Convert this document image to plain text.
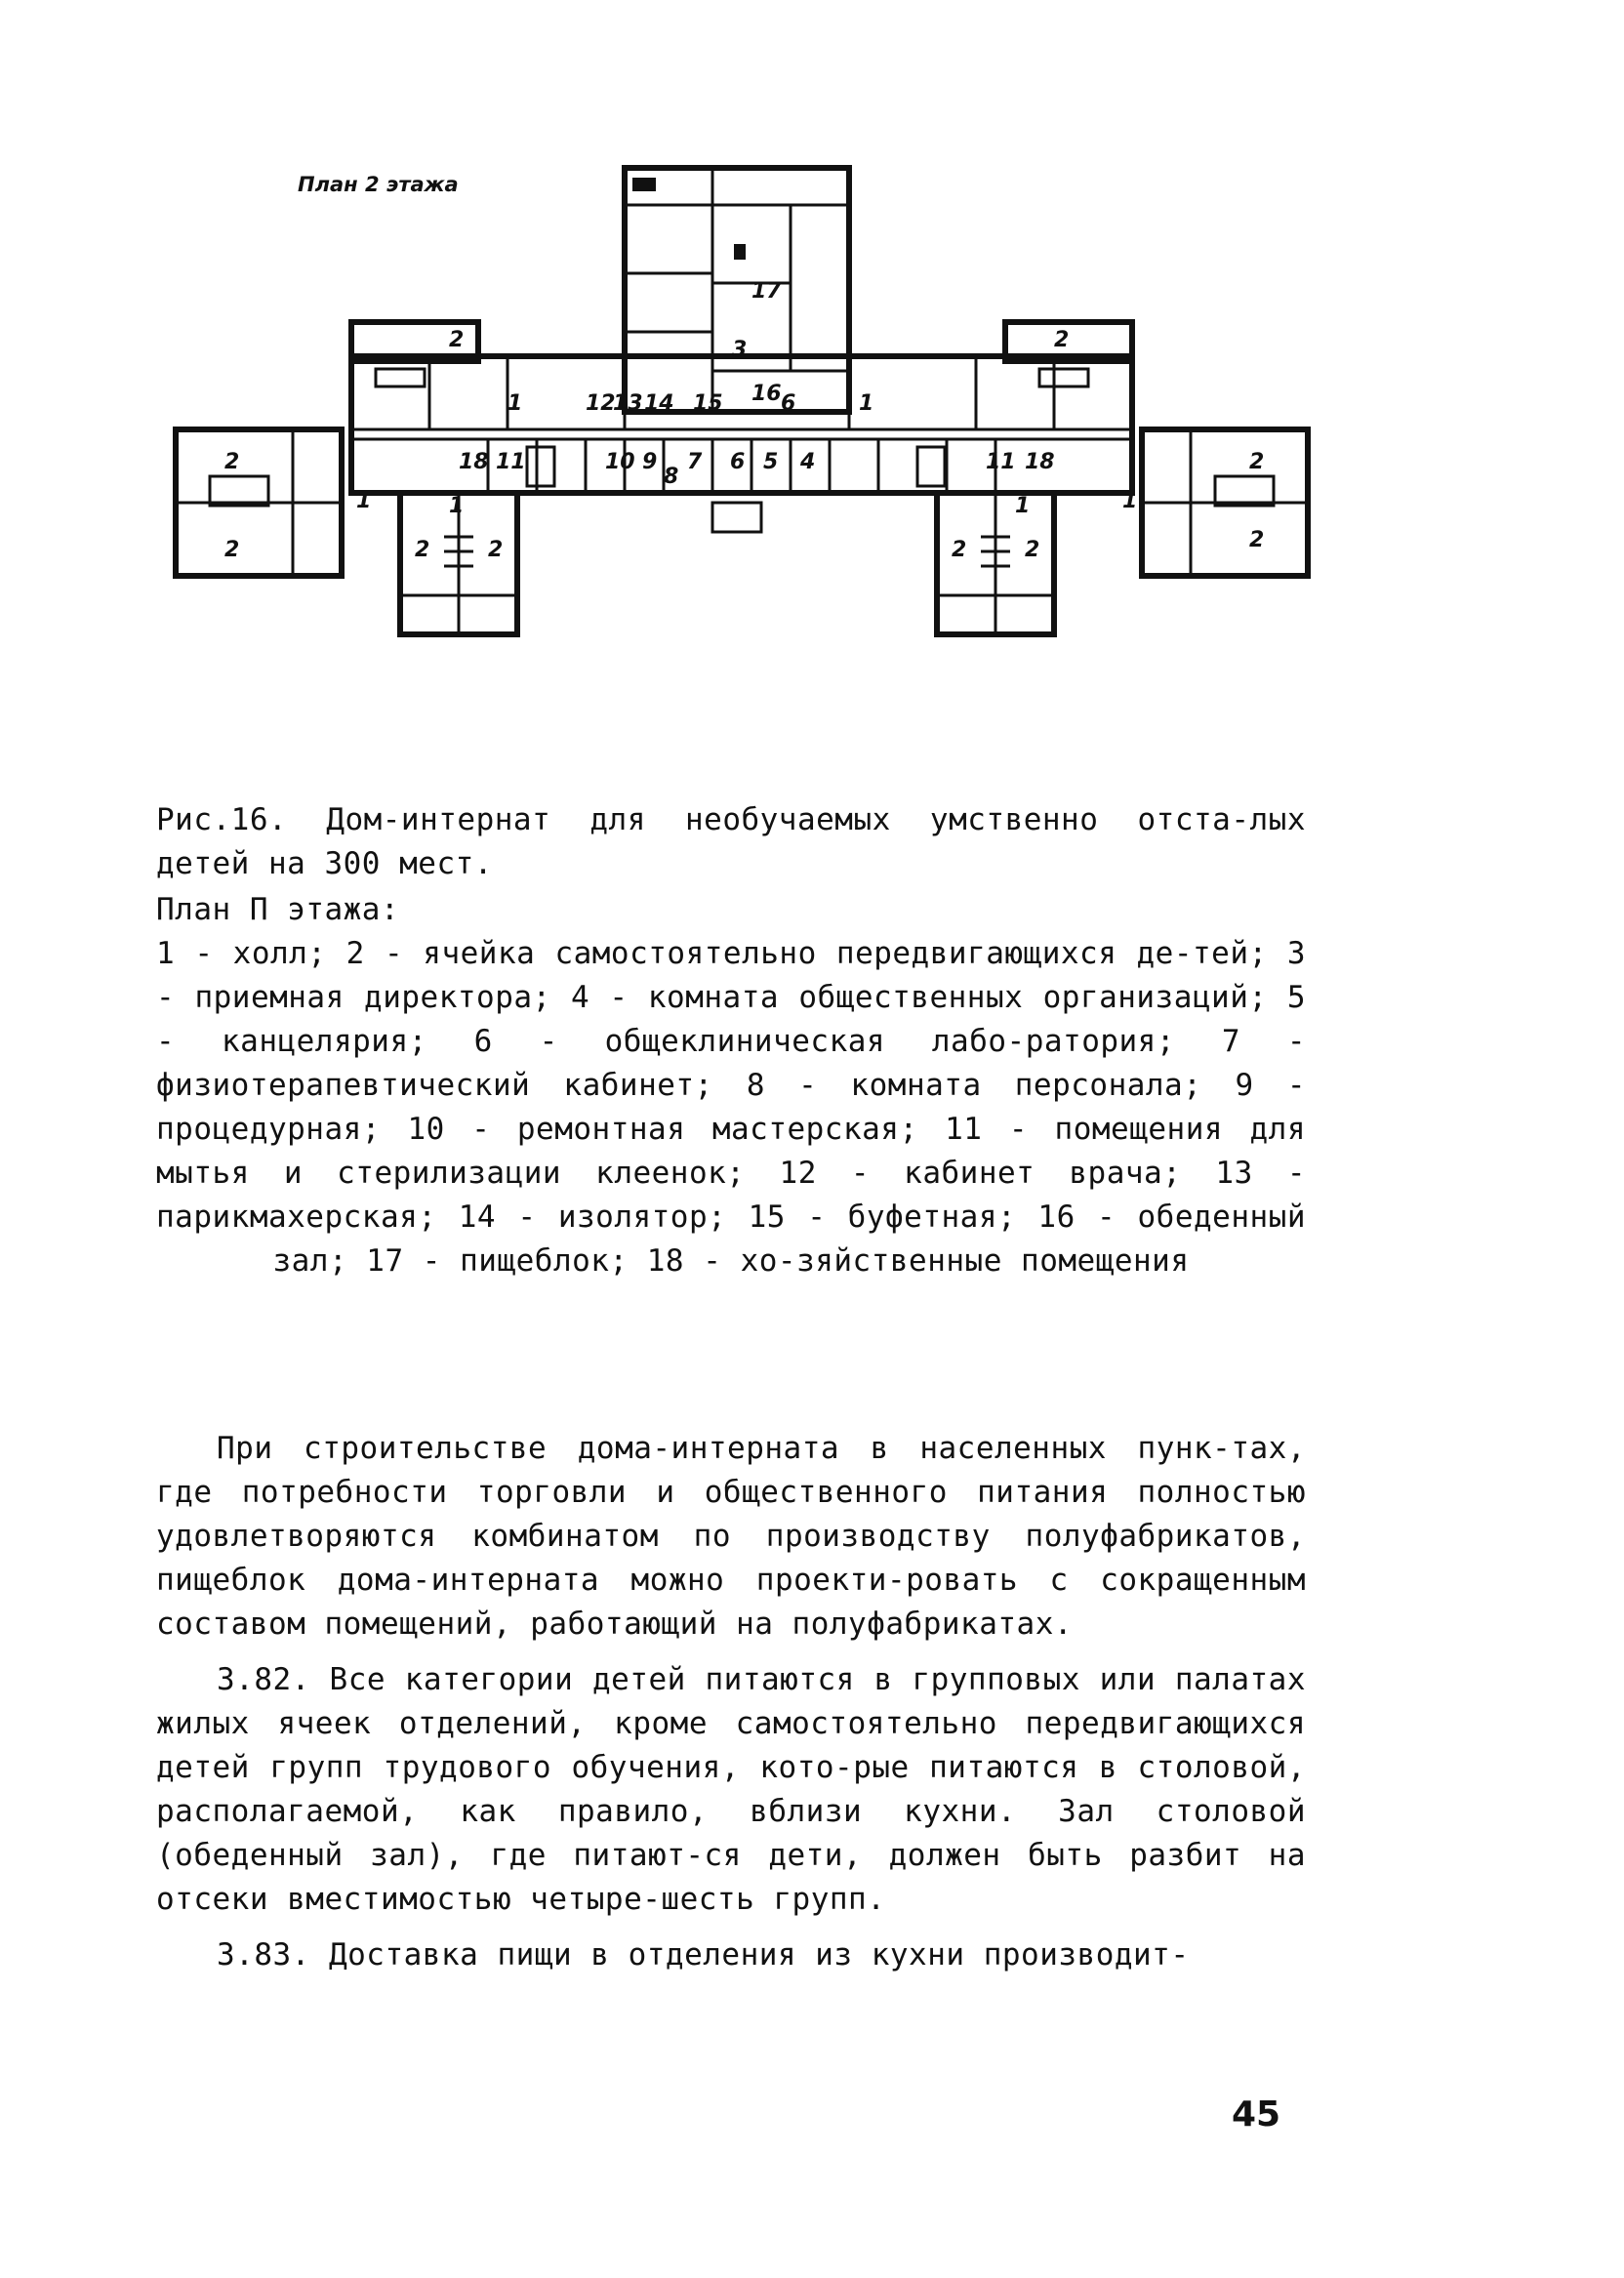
План 2 этажа
2
1
2
2
18 11	10 9
8
7 6 5 4
12
13 14 15 16
17
6	1
2
11 18	2
2
2	2	2	2
1	1
1	1
3

Рис.16. Дом-интернат для необучаемых умственно отста-лых детей на 300 мест.

План П этажа:

1 - холл; 2 - ячейка самостоятельно передвигающихся де-тей; 3 - приемная директора; 4 - комната общественных организаций; 5 - канцелярия; 6 - общеклиническая лабо-ратория; 7 - физиотерапевтический кабинет; 8 - комната персонала; 9 - процедурная; 10 - ремонтная мастерская; 11 - помещения для мытья и стерилизации клеенок; 12 - кабинет врача; 13 - парикмахерская; 14 - изолятор; 15 - буфетная; 16 - обеденный зал; 17 - пищеблок; 18 - хо-зяйственные помещения

При строительстве дома-интерната в населенных пунк-тах, где потребности торговли и общественного питания полностью удовлетворяются комбинатом по производству полуфабрикатов, пищеблок дома-интерната можно проекти-ровать с сокращенным составом помещений, работающий на полуфабрикатах.

3.82. Все категории детей питаются в групповых или палатах жилых ячеек отделений, кроме самостоятельно передвигающихся детей групп трудового обучения, кото-рые питаются в столовой, располагаемой, как правило, вблизи кухни. Зал столовой (обеденный зал), где питают-ся дети, должен быть разбит на отсеки вместимостью четыре-шесть групп.

3.83. Доставка пищи в отделения из кухни производит-

45
